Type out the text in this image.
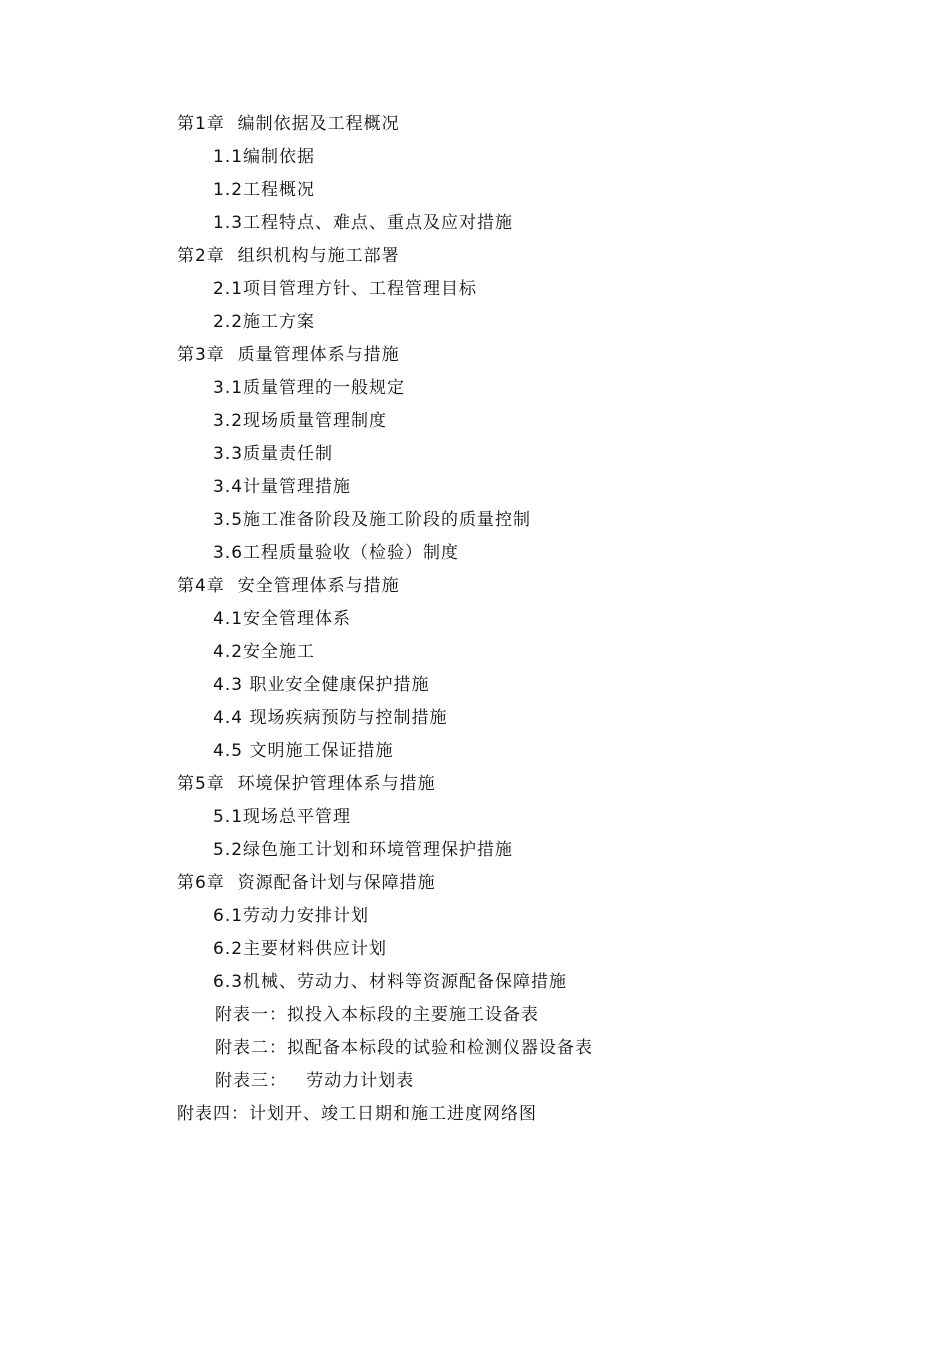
第1章  编制依据及工程概况
1.1编制依据
1.2工程概况
1.3工程特点、难点、重点及应对措施
第2章  组织机构与施工部署
2.1项目管理方针、工程管理目标
2.2施工方案
第3章  质量管理体系与措施
3.1质量管理的一般规定
3.2现场质量管理制度
3.3质量责任制
3.4计量管理措施
3.5施工准备阶段及施工阶段的质量控制
3.6工程质量验收（检验）制度
第4章  安全管理体系与措施
4.1安全管理体系
4.2安全施工
4.3 职业安全健康保护措施
4.4 现场疾病预防与控制措施
4.5 文明施工保证措施
第5章  环境保护管理体系与措施
5.1现场总平管理
5.2绿色施工计划和环境管理保护措施
第6章  资源配备计划与保障措施
6.1劳动力安排计划
6.2主要材料供应计划
6.3机械、劳动力、材料等资源配备保障措施
附表一：拟投入本标段的主要施工设备表
附表二：拟配备本标段的试验和检测仪器设备表
附表三：   劳动力计划表
附表四：计划开、竣工日期和施工进度网络图
